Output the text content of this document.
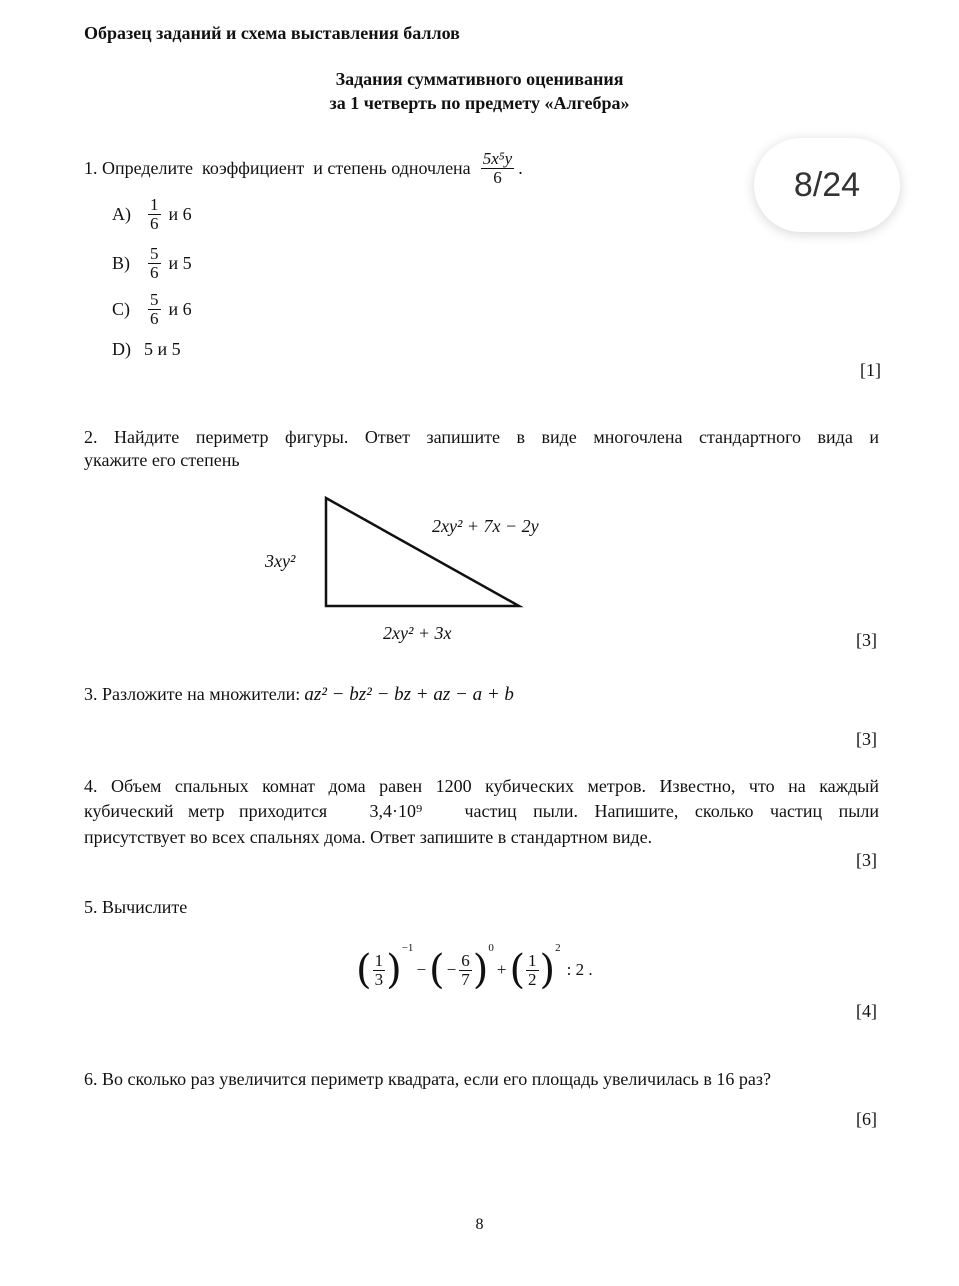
Образец заданий и схема выставления баллов
Задания суммативного оценивания
за 1 четверть по предмету «Алгебра»
8/24
1. Определите  коэффициент  и степень одночлена $\frac{\text{5x⁵y}}{6}$ .
A)	$\frac{1}{6}$ и 6
B)	$\frac{5}{6}$ и 5
C)	$\frac{5}{6}$ и 6
D) 5 и 5
[1]
2. Найдите периметр фигуры. Ответ запишите в виде многочлена стандартного вида и
укажите его степень
3xy²
2xy² + 7x − 2y
2xy² + 3x	[3]
3. Разложите на множители: az² − bz² − bz + az − a + b
[3]
4. Объем спальных комнат дома равен 1200 кубических метров. Известно, что на каждый
кубический метр приходится 3,4·10⁹ частиц пыли. Напишите, сколько частиц пыли
присутствует во всех спальнях дома. Ответ запишите в стандартном виде.
[3]
5. Вычислите
( $\frac{1}{3} )^{-1}$
− ( − $\frac{6}{7} )^0$
+ ( $\frac{1}{2} )^2$
: 2 .
[4]
6. Во сколько раз увеличится периметр квадрата, если его площадь увеличилась в 16 раз?
[6]
8
